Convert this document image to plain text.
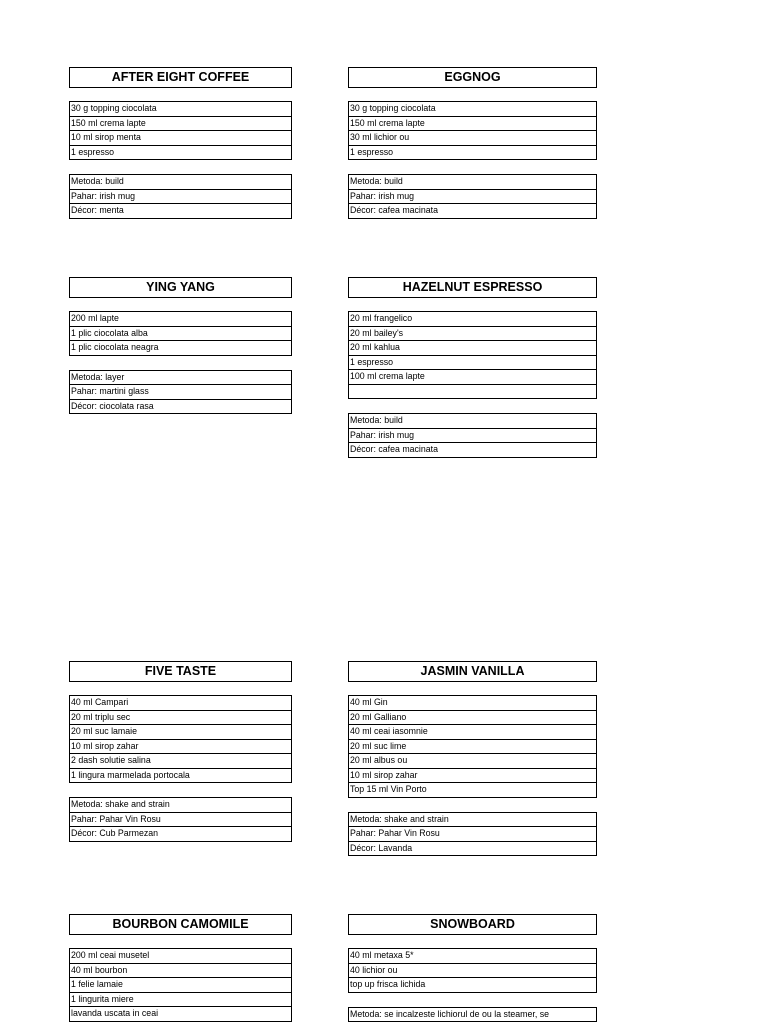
AFTER EIGHT COFFEE
30 g topping ciocolata
150 ml crema lapte
10 ml sirop menta
1 espresso
Metoda: build
Pahar: irish mug
Décor: menta
EGGNOG
30 g topping ciocolata
150 ml crema lapte
30 ml lichior ou
1 espresso
Metoda: build
Pahar: irish mug
Décor: cafea macinata
YING YANG
200 ml lapte
1 plic ciocolata alba
1 plic ciocolata neagra
Metoda: layer
Pahar: martini glass
Décor: ciocolata rasa
HAZELNUT ESPRESSO
20 ml frangelico
20 ml bailey's
20 ml kahlua
1 espresso
100 ml crema lapte

Metoda: build
Pahar: irish mug
Décor: cafea macinata
FIVE TASTE
40 ml Campari
20 ml triplu sec
20 ml suc lamaie
10 ml sirop zahar
2 dash solutie salina
1 lingura marmelada portocala
Metoda: shake and strain
Pahar: Pahar Vin Rosu
Décor: Cub Parmezan
JASMIN VANILLA
40 ml Gin
20 ml Galliano
40 ml ceai iasomnie
20 ml suc lime
20 ml albus ou
10 ml sirop zahar
Top 15 ml Vin Porto
Metoda: shake and strain
Pahar: Pahar Vin Rosu
Décor: Lavanda
BOURBON CAMOMILE
200 ml ceai musetel
40 ml bourbon
1 felie lamaie
1 lingurita miere
lavanda uscata in ceai
SNOWBOARD
40 ml metaxa 5*
40 lichior ou
top up frisca lichida
Metoda: se incalzeste lichiorul de ou la steamer, se
